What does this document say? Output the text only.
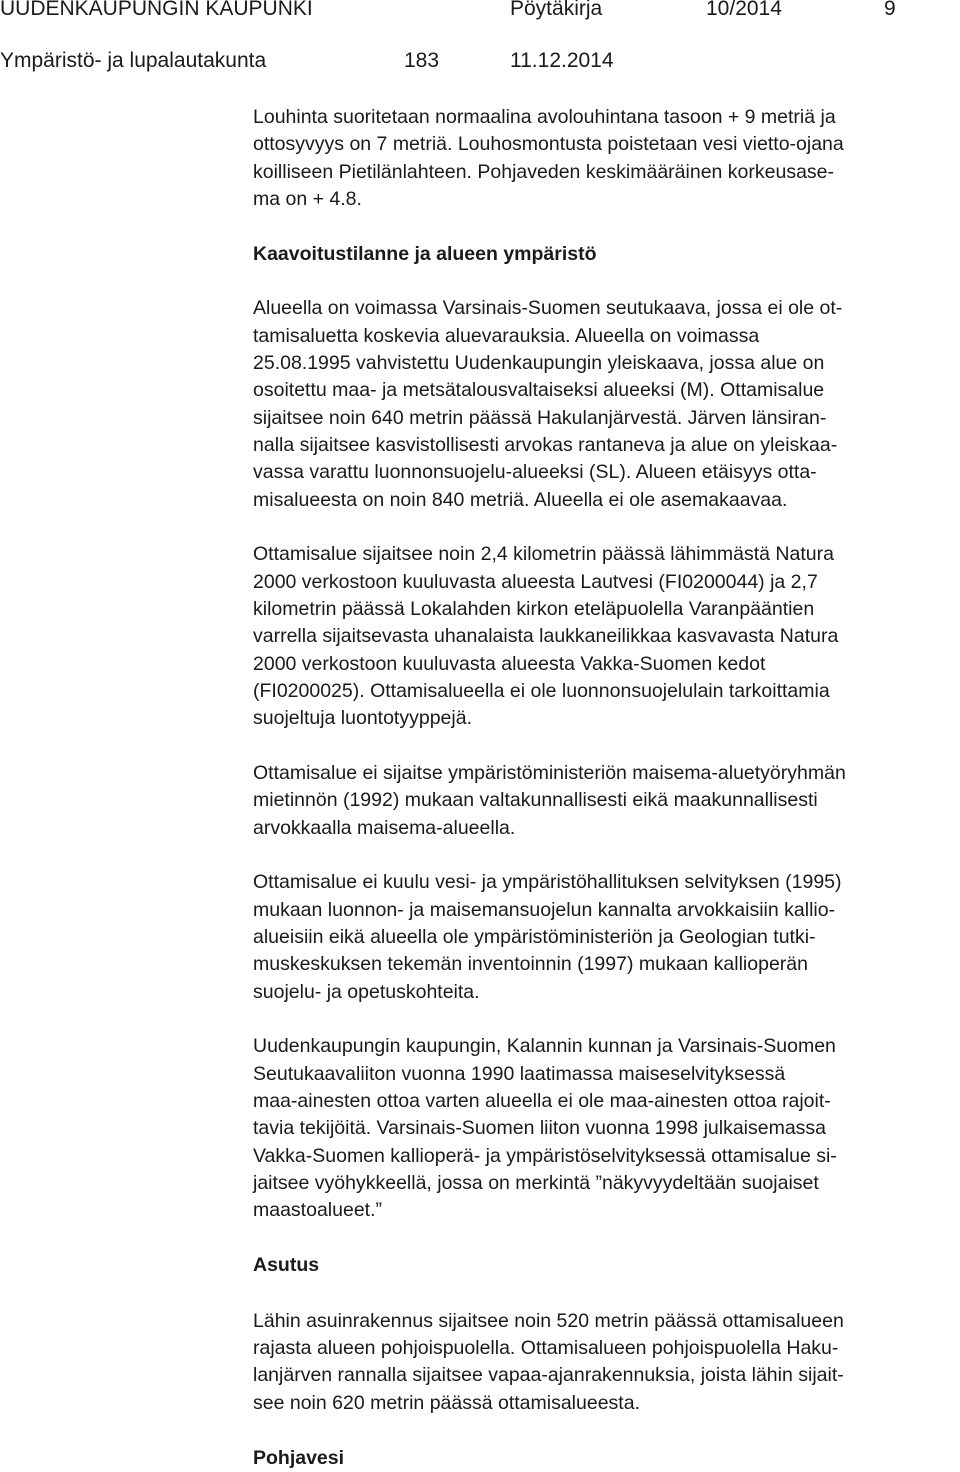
UUDENKAUPUNGIN KAUPUNKI	Pöytäkirja	10/2014	9
Ympäristö- ja lupalautakunta	183	11.12.2014

Louhinta suoritetaan normaalina avolouhintana tasoon + 9 metriä ja
ottosyvyys on 7 metriä. Louhosmontusta poistetaan vesi vietto-ojana
koilliseen Pietilänlahteen. Pohjaveden keskimääräinen korkeusase-
ma on + 4.8.

Kaavoitustilanne ja alueen ympäristö

Alueella on voimassa Varsinais-Suomen seutukaava, jossa ei ole ot-
tamisaluetta koskevia aluevarauksia. Alueella on voimassa
25.08.1995 vahvistettu Uudenkaupungin yleiskaava, jossa alue on
osoitettu maa- ja metsätalousvaltaiseksi alueeksi (M). Ottamisalue
sijaitsee noin 640 metrin päässä Hakulanjärvestä. Järven länsiran-
nalla sijaitsee kasvistollisesti arvokas rantaneva ja alue on yleiskaa-
vassa varattu luonnonsuojelu-alueeksi (SL). Alueen etäisyys otta-
misalueesta on noin 840 metriä. Alueella ei ole asemakaavaa.

Ottamisalue sijaitsee noin 2,4 kilometrin päässä lähimmästä Natura
2000 verkostoon kuuluvasta alueesta Lautvesi (FI0200044) ja 2,7
kilometrin päässä Lokalahden kirkon eteläpuolella Varanpääntien
varrella sijaitsevasta uhanalaista laukkaneilikkaa kasvavasta Natura
2000 verkostoon kuuluvasta alueesta Vakka-Suomen kedot
(FI0200025). Ottamisalueella ei ole luonnonsuojelulain tarkoittamia
suojeltuja luontotyyppejä.

Ottamisalue ei sijaitse ympäristöministeriön maisema-aluetyöryhmän
mietinnön (1992) mukaan valtakunnallisesti eikä maakunnallisesti
arvokkaalla maisema-alueella.

Ottamisalue ei kuulu vesi- ja ympäristöhallituksen selvityksen (1995)
mukaan luonnon- ja maisemansuojelun kannalta arvokkaisiin kallio-
alueisiin eikä alueella ole ympäristöministeriön ja Geologian tutki-
muskeskuksen tekemän inventoinnin (1997) mukaan kallioperän
suojelu- ja opetuskohteita.

Uudenkaupungin kaupungin, Kalannin kunnan ja Varsinais-Suomen
Seutukaavaliiton vuonna 1990 laatimassa maiseselvityksessä
maa-ainesten ottoa varten alueella ei ole maa-ainesten ottoa rajoit-
tavia tekijöitä. Varsinais-Suomen liiton vuonna 1998 julkaisemassa
Vakka-Suomen kallioperä- ja ympäristöselvityksessä ottamisalue si-
jaitsee vyöhykkeellä, jossa on merkintä ”näkyvyydeltään suojaiset
maastoalueet.”

Asutus

Lähin asuinrakennus sijaitsee noin 520 metrin päässä ottamisalueen
rajasta alueen pohjoispuolella. Ottamisalueen pohjoispuolella Haku-
lanjärven rannalla sijaitsee vapaa-ajanrakennuksia, joista lähin sijait-
see noin 620 metrin päässä ottamisalueesta.

Pohjavesi
